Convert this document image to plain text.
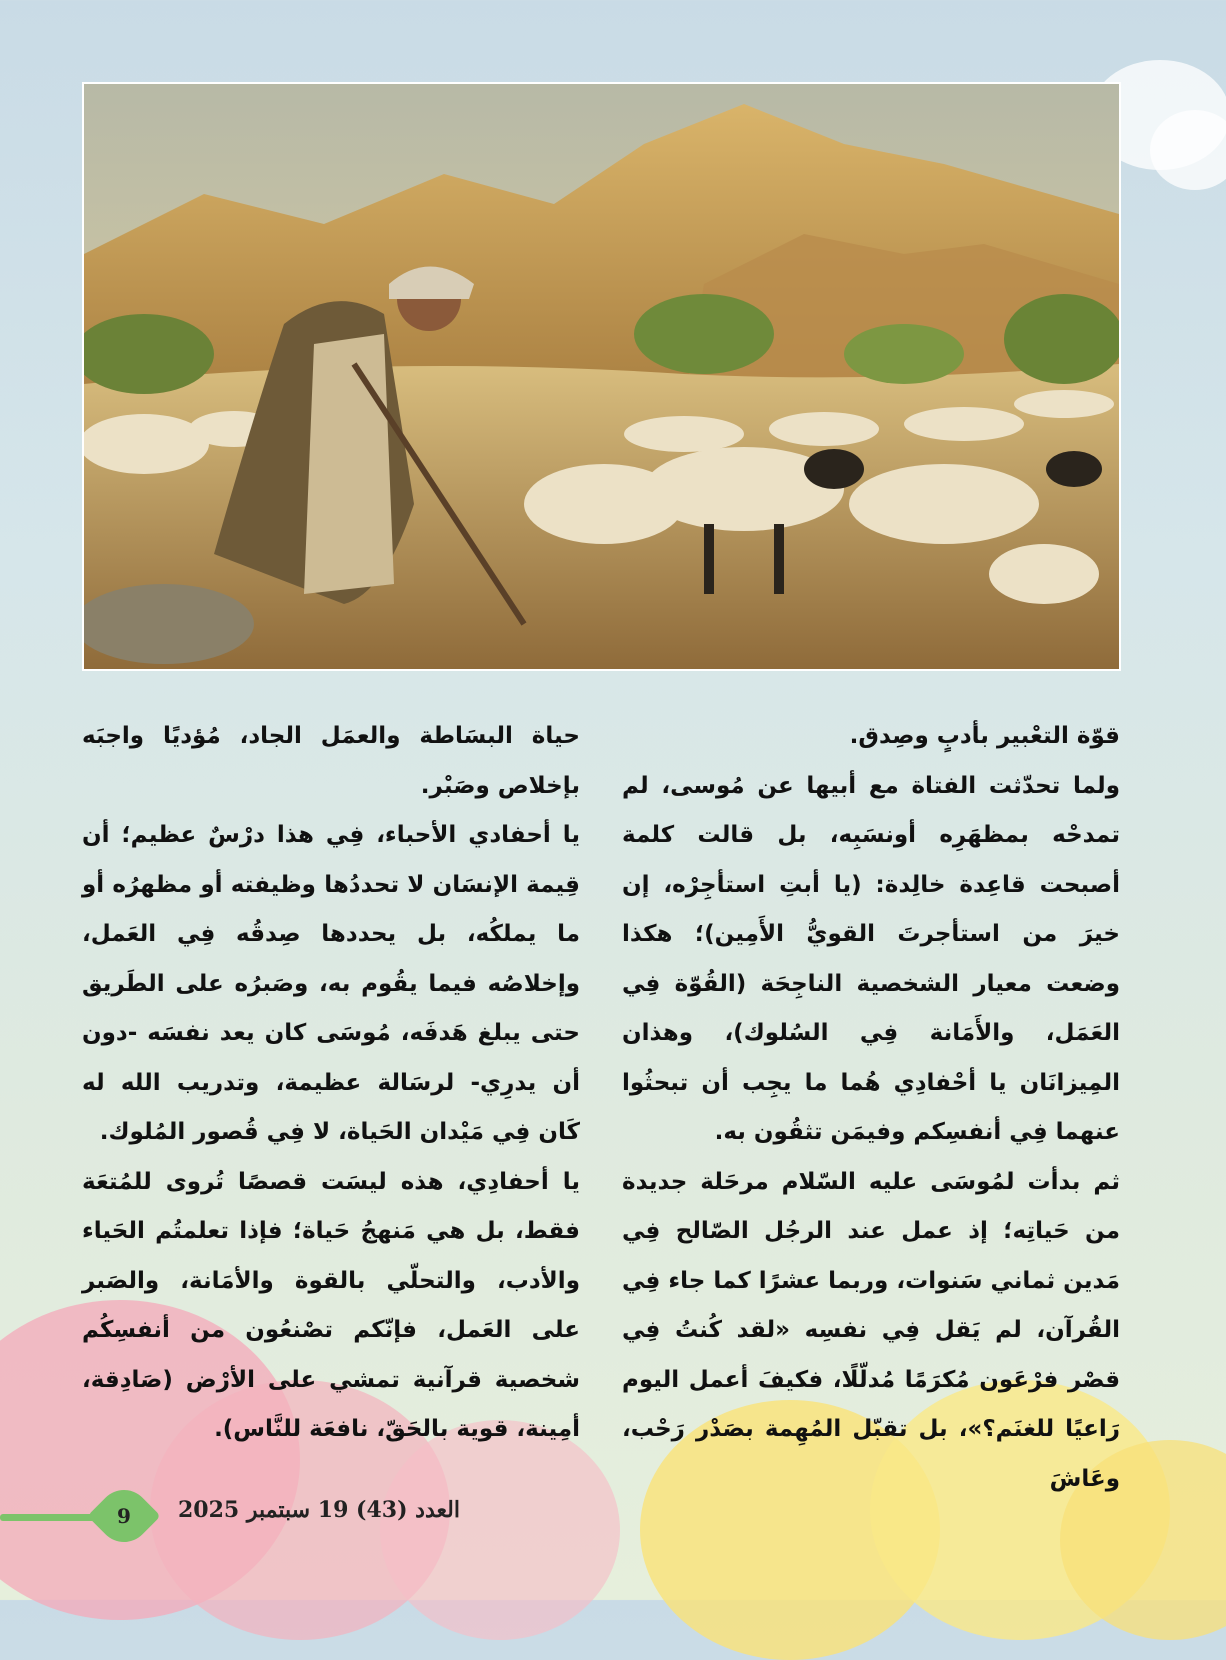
قوّة التعْبير بأدبٍ وصِدق.

ولما تحدّثت الفتاة مع أبيها عن مُوسى، لم تمدحْه بمظهَرِه أونسَبِه، بل قالت كلمة أصبحت قاعِدة خالِدة: (يا أبتِ استأجِرْه، إن خيرَ من استأجرتَ القويُّ الأَمِين)؛ هكذا وضعت معيار الشخصية الناجِحَة (القُوّة فِي العَمَل، والأَمَانة فِي السُلوك)، وهذان المِيزانَان يا أحْفادِي هُما ما يجِب أن تبحثُوا عنهما فِي أنفسِكم وفيمَن تثقُون به.

ثم بدأت لمُوسَى عليه السّلام مرحَلة جديدة من حَياتِه؛ إذ عمل عند الرجُل الصّالح فِي مَدين ثماني سَنوات، وربما عشرًا كما جاء فِي القُرآن، لم يَقل فِي نفسِه «لقد كُنتُ فِي قصْر فرْعَون مُكرَمًا مُدلّلًا، فكيفَ أعمل اليوم رَاعيًا للغنَم؟»، بل تقبّل المُهِمة بصَدْر رَحْب، وعَاشَ

حياة البسَاطة والعمَل الجاد، مُؤديًا واجبَه بإخلاص وصَبْر.

يا أحفادي الأحباء، فِي هذا درْسٌ عظيم؛ أن قِيمة الإنسَان لا تحددُها وظيفته أو مظهرُه أو ما يملكُه، بل يحددها صِدقُه فِي العَمل، وإخلاصُه فيما يقُوم به، وصَبرُه على الطَريق حتى يبلغ هَدفَه، مُوسَى كان يعد نفسَه -دون أن يدرِي- لرسَالة عظيمة، وتدريب الله له كَان فِي مَيْدان الحَياة، لا فِي قُصور المُلوك.

يا أحفادِي، هذه ليسَت قصصًا تُروى للمُتعَة فقط، بل هي مَنهجُ حَياة؛ فإذا تعلمتُم الحَياء والأدب، والتحلّي بالقوة والأمَانة، والصَبر على العَمل، فإنّكم تصْنعُون من أنفسِكُم شخصية قرآنية تمشي على الأرْض (صَادِقة، أمِينة، قوية بالحَقّ، نافعَة للنَّاس).

9	العدد (43) 19 سبتمبر 2025
